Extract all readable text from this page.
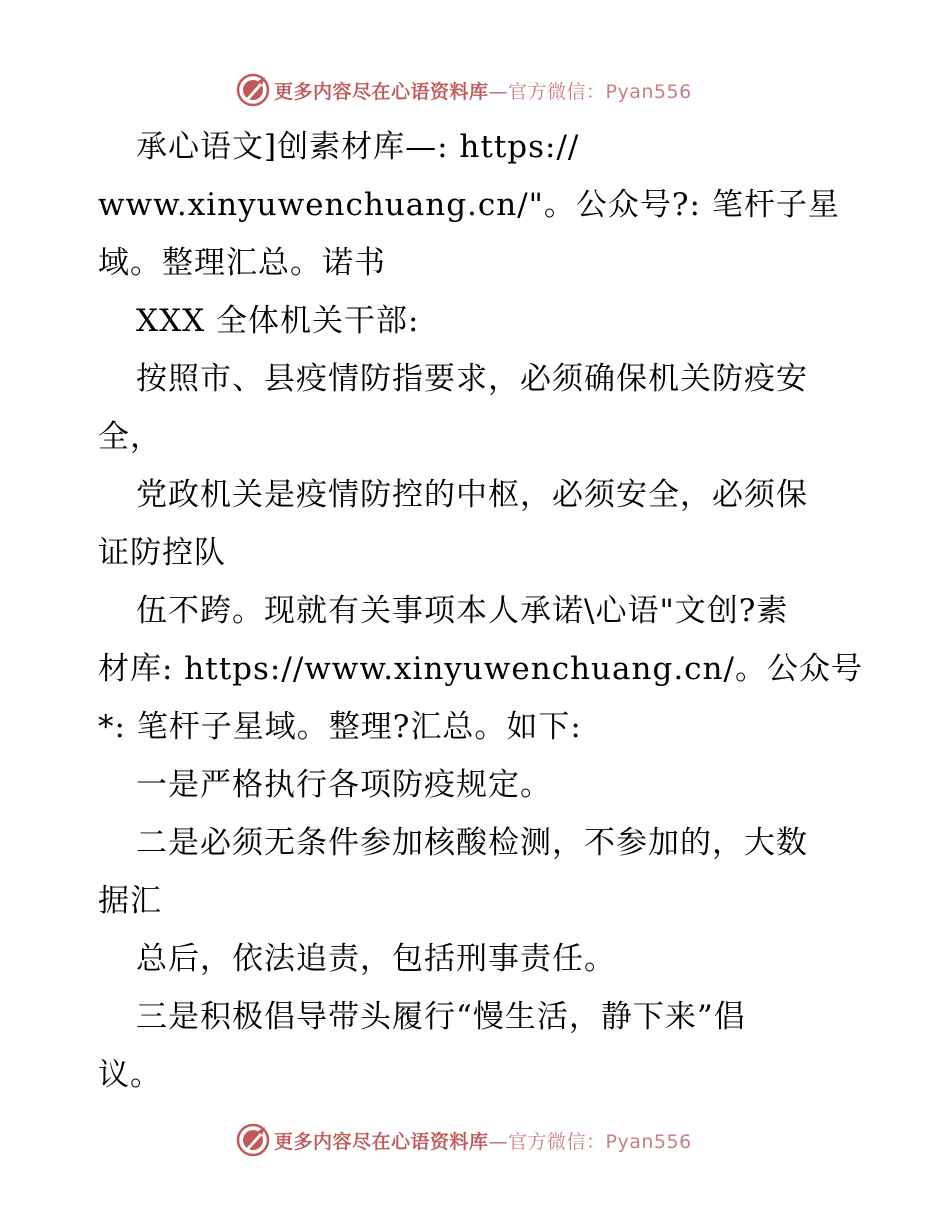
更多内容尽在心语资料库—官方微信：Pyan556
承心语文]创素材库—: https://
www.xinyuwenchuang.cn/"。公众号?: 笔杆子星
域。整理汇总。诺书
XXX 全体机关干部:
按照市、县疫情防指要求，必须确保机关防疫安
全，
党政机关是疫情防控的中枢，必须安全，必须保
证防控队
伍不跨。现就有关事项本人承诺\心语"文创?素
材库: https://www.xinyuwenchuang.cn/。公众号
*: 笔杆子星域。整理?汇总。如下:
一是严格执行各项防疫规定。
二是必须无条件参加核酸检测，不参加的，大数
据汇
总后，依法追责，包括刑事责任。
三是积极倡导带头履行“慢生活，静下来”倡
议。
更多内容尽在心语资料库—官方微信：Pyan556
